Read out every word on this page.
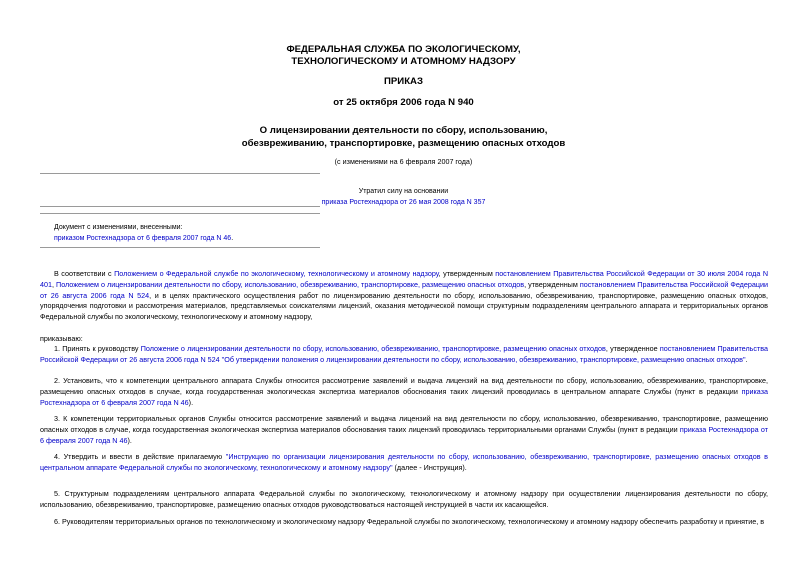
ФЕДЕРАЛЬНАЯ СЛУЖБА ПО ЭКОЛОГИЧЕСКОМУ,
ТЕХНОЛОГИЧЕСКОМУ И АТОМНОМУ НАДЗОРУ
ПРИКАЗ
от 25 октября 2006 года N 940
О лицензировании деятельности по сбору, использованию,
обезвреживанию, транспортировке, размещению опасных отходов
(с изменениями на 6 февраля 2007 года)
Утратил силу на основании
приказа Ростехнадзора от 26 мая 2008 года N 357
Документ с изменениями, внесенными:
приказом Ростехнадзора от 6 февраля 2007 года N 46.
В соответствии с Положением о Федеральной службе по экологическому, технологическому и атомному надзору, утвержденным постановлением Правительства Российской Федерации от 30 июля 2004 года N 401, Положением о лицензировании деятельности по сбору, использованию, обезвреживанию, транспортировке, размещению опасных отходов, утвержденным постановлением Правительства Российской Федерации от 26 августа 2006 года N 524, и в целях практического осуществления работ по лицензированию деятельности по сбору, использованию, обезвреживанию, транспортировке, размещению опасных отходов, упорядочения подготовки и рассмотрения материалов, представляемых соискателями лицензий, оказания методической помощи структурным подразделениям центрального аппарата и территориальных органов Федеральной службы по экологическому, технологическому и атомному надзору,
приказываю:
1. Принять к руководству Положение о лицензировании деятельности по сбору, использованию, обезвреживанию, транспортировке, размещению опасных отходов, утвержденное постановлением Правительства Российской Федерации от 26 августа 2006 года N 524 "Об утверждении положения о лицензировании деятельности по сбору, использованию, обезвреживанию, транспортировке, размещению опасных отходов".
2. Установить, что к компетенции центрального аппарата Службы относится рассмотрение заявлений и выдача лицензий на вид деятельности по сбору, использованию, обезвреживанию, транспортировке, размещению опасных отходов в случае, когда государственная экологическая экспертиза материалов обоснования таких лицензий проводилась в центральном аппарате Службы (пункт в редакции приказа Ростехнадзора от 6 февраля 2007 года N 46).
3. К компетенции территориальных органов Службы относится рассмотрение заявлений и выдача лицензий на вид деятельности по сбору, использованию, обезвреживанию, транспортировке, размещению опасных отходов в случае, когда государственная экологическая экспертиза материалов обоснования таких лицензий проводилась территориальными органами Службы (пункт в редакции приказа Ростехнадзора от 6 февраля 2007 года N 46).
4. Утвердить и ввести в действие прилагаемую "Инструкцию по организации лицензирования деятельности по сбору, использованию, обезвреживанию, транспортировке, размещению опасных отходов в центральном аппарате Федеральной службы по экологическому, технологическому и атомному надзору" (далее - Инструкция).
5. Структурным подразделениям центрального аппарата Федеральной службы по экологическому, технологическому и атомному надзору при осуществлении лицензирования деятельности по сбору, использованию, обезвреживанию, транспортировке, размещению опасных отходов руководствоваться настоящей инструкцией в части их касающейся.
6. Руководителям территориальных органов по технологическому и экологическому надзору Федеральной службы по экологическому, технологическому и атомному надзору обеспечить разработку и принятие, в
